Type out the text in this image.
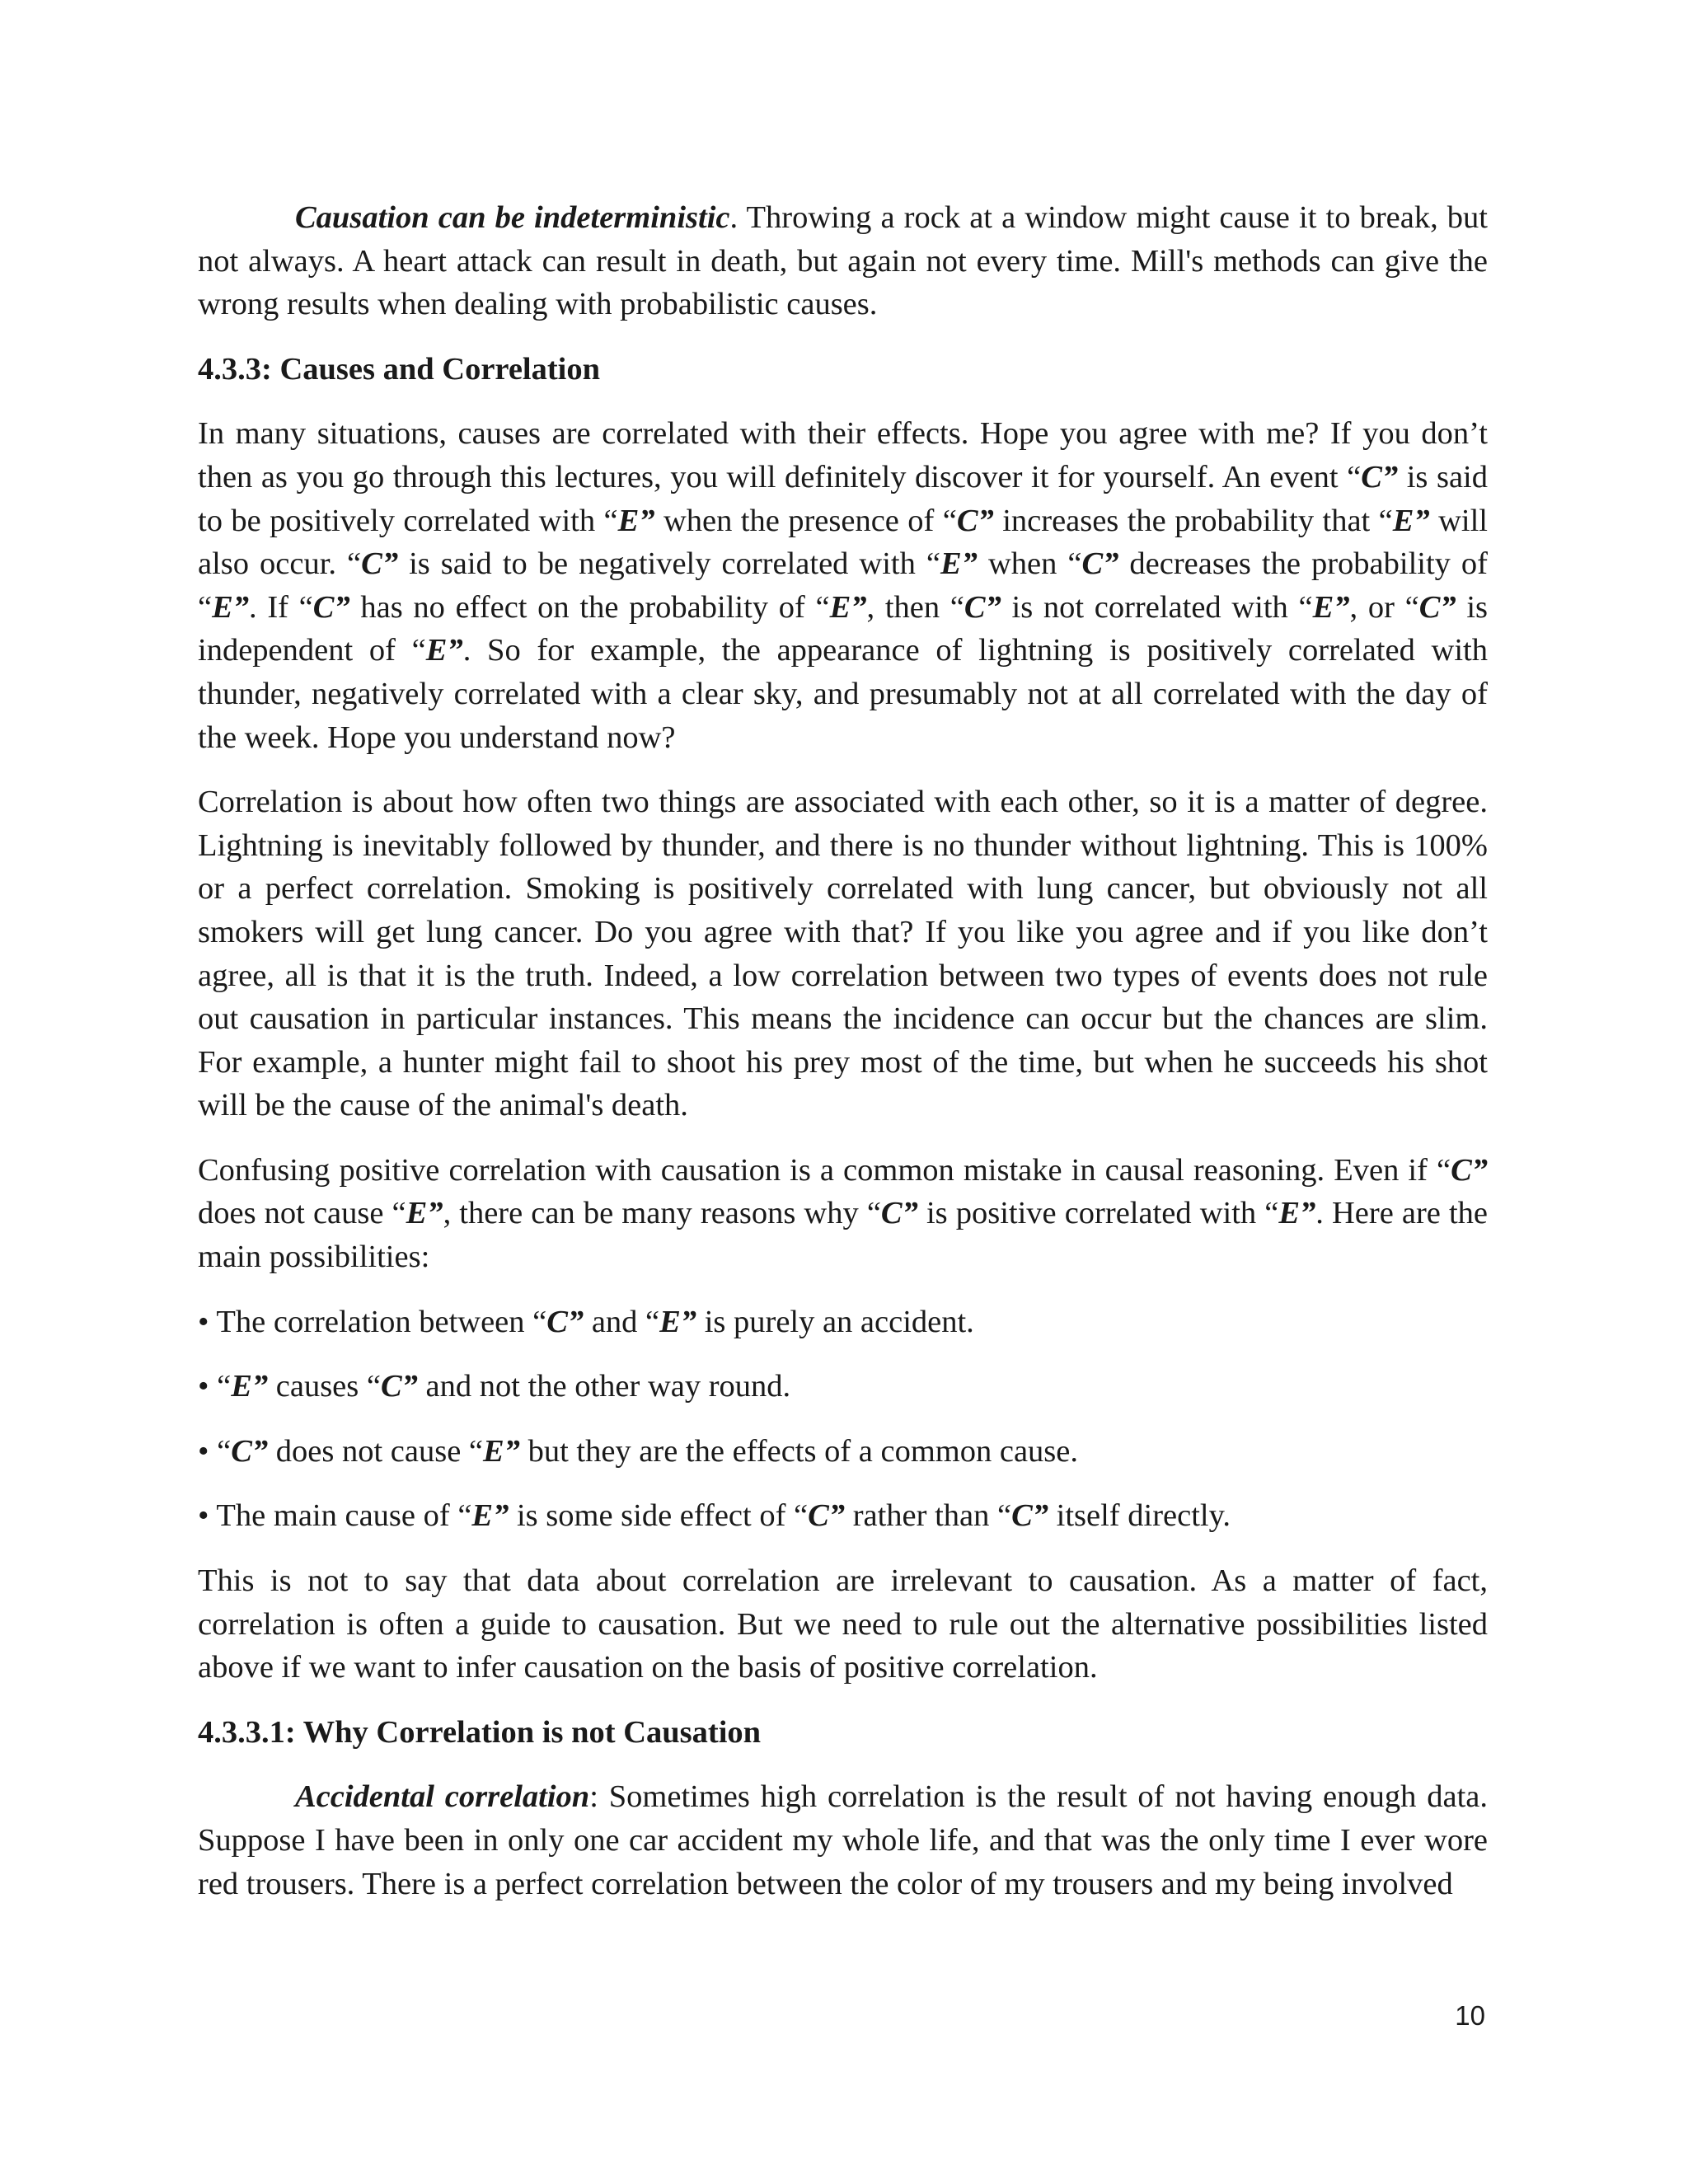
Causation can be indeterministic. Throwing a rock at a window might cause it to break, but not always. A heart attack can result in death, but again not every time. Mill's methods can give the wrong results when dealing with probabilistic causes.

4.3.3: Causes and Correlation

In many situations, causes are correlated with their effects. Hope you agree with me? If you don’t then as you go through this lectures, you will definitely discover it for yourself. An event “C” is said to be positively correlated with “E” when the presence of “C” increases the probability that “E” will also occur. “C” is said to be negatively correlated with “E” when “C” decreases the probability of “E”. If “C” has no effect on the probability of “E”, then “C” is not correlated with “E”, or “C” is independent of “E”. So for example, the appearance of lightning is positively correlated with thunder, negatively correlated with a clear sky, and presumably not at all correlated with the day of the week. Hope you understand now?

Correlation is about how often two things are associated with each other, so it is a matter of degree. Lightning is inevitably followed by thunder, and there is no thunder without lightning. This is 100% or a perfect correlation. Smoking is positively correlated with lung cancer, but obviously not all smokers will get lung cancer. Do you agree with that? If you like you agree and if you like don’t agree, all is that it is the truth. Indeed, a low correlation between two types of events does not rule out causation in particular instances. This means the incidence can occur but the chances are slim. For example, a hunter might fail to shoot his prey most of the time, but when he succeeds his shot will be the cause of the animal's death.

Confusing positive correlation with causation is a common mistake in causal reasoning. Even if “C” does not cause “E”, there can be many reasons why “C” is positive correlated with “E”. Here are the main possibilities:

• The correlation between “C” and “E” is purely an accident.
• “E” causes “C” and not the other way round.
• “C” does not cause “E” but they are the effects of a common cause.
• The main cause of “E” is some side effect of “C” rather than “C” itself directly.

This is not to say that data about correlation are irrelevant to causation. As a matter of fact, correlation is often a guide to causation. But we need to rule out the alternative possibilities listed above if we want to infer causation on the basis of positive correlation.

4.3.3.1: Why Correlation is not Causation

Accidental correlation: Sometimes high correlation is the result of not having enough data. Suppose I have been in only one car accident my whole life, and that was the only time I ever wore red trousers. There is a perfect correlation between the color of my trousers and my being involved

10
